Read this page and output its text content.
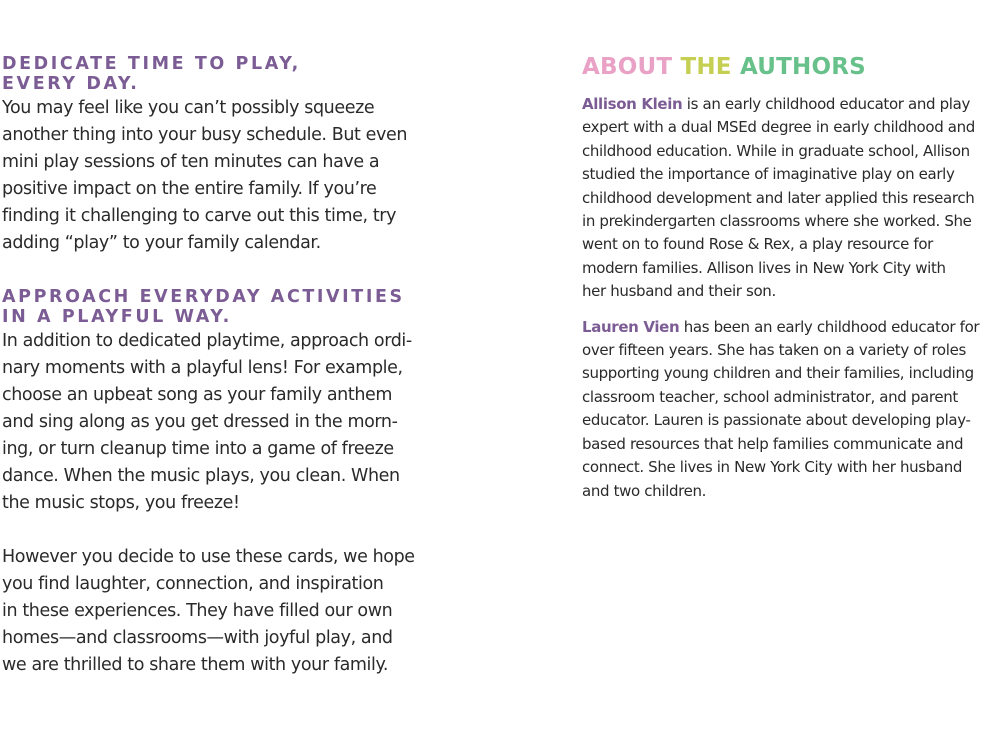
DEDICATE TIME TO PLAY,
EVERY DAY.

You may feel like you can’t possibly squeeze
another thing into your busy schedule. But even
mini play sessions of ten minutes can have a
positive impact on the entire family. If you’re
finding it challenging to carve out this time, try
adding “play” to your family calendar.

APPROACH EVERYDAY ACTIVITIES
IN A PLAYFUL WAY.

In addition to dedicated playtime, approach ordi-
nary moments with a playful lens! For example,
choose an upbeat song as your family anthem
and sing along as you get dressed in the morn-
ing, or turn cleanup time into a game of freeze
dance. When the music plays, you clean. When
the music stops, you freeze!

However you decide to use these cards, we hope
you find laughter, connection, and inspiration
in these experiences. They have filled our own
homes—and classrooms—with joyful play, and
we are thrilled to share them with your family.

ABOUT THE AUTHORS

Allison Klein is an early childhood educator and play
expert with a dual MSEd degree in early childhood and
childhood education. While in graduate school, Allison
studied the importance of imaginative play on early
childhood development and later applied this research
in prekindergarten classrooms where she worked. She
went on to found Rose & Rex, a play resource for
modern families. Allison lives in New York City with
her husband and their son.

Lauren Vien has been an early childhood educator for
over fifteen years. She has taken on a variety of roles
supporting young children and their families, including
classroom teacher, school administrator, and parent
educator. Lauren is passionate about developing play-
based resources that help families communicate and
connect. She lives in New York City with her husband
and two children.
